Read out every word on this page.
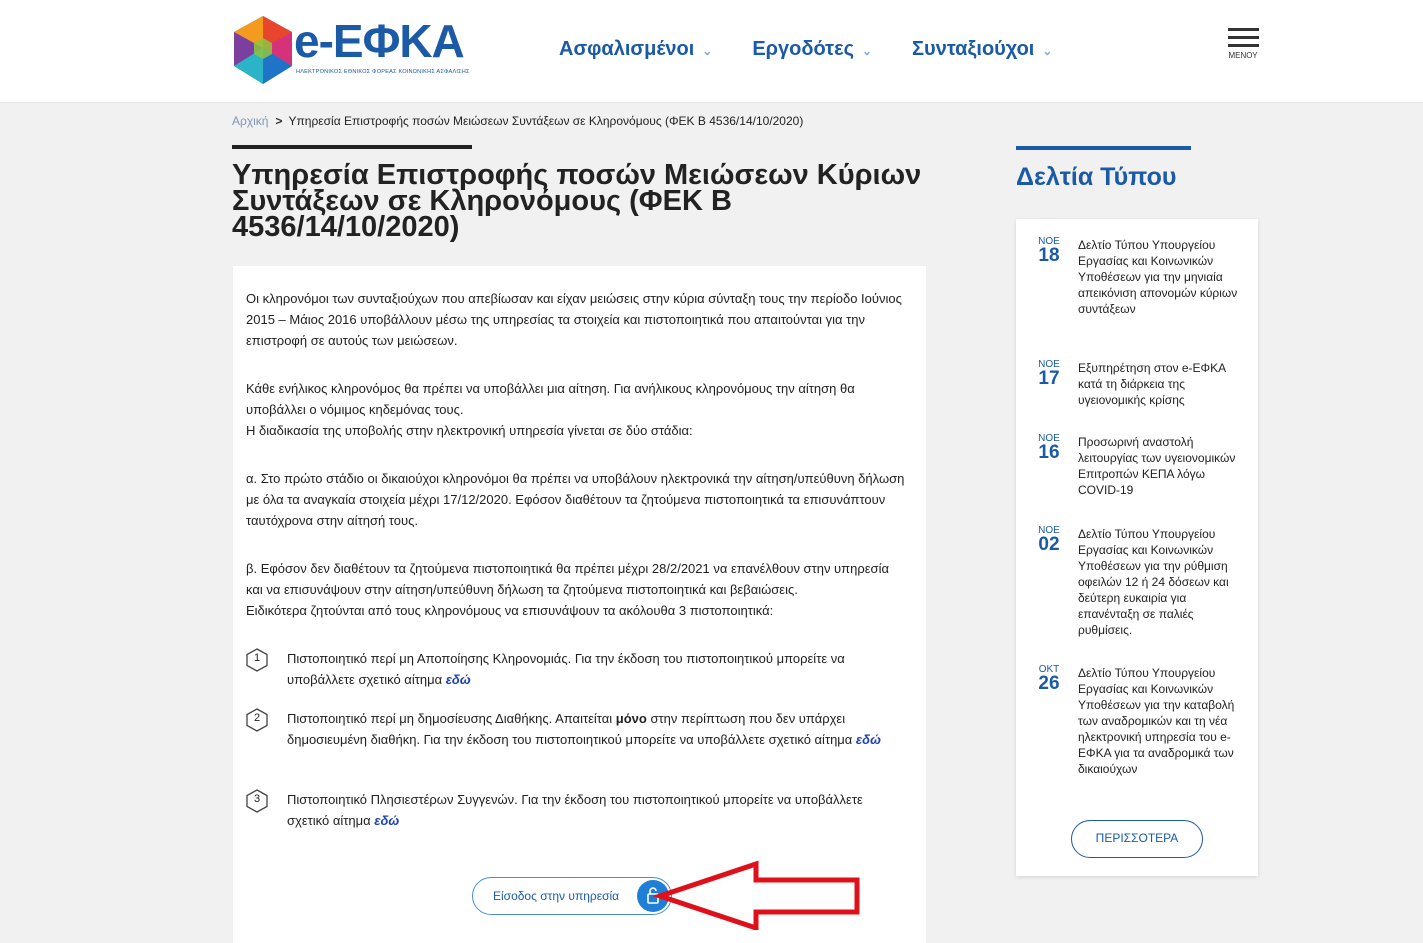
e-ΕΦΚΑ
ΗΛΕΚΤΡΟΝΙΚΟΣ ΕΘΝΙΚΟΣ ΦΟΡΕΑΣ ΚΟΙΝΩΝΙΚΗΣ ΑΣΦΑΛΙΣΗΣ
Ασφαλισμένοι ⌄ Εργοδότες ⌄ Συνταξιούχοι ⌄	ΜΕΝΟΥ
Αρχική > Υπηρεσία Επιστροφής ποσών Μειώσεων Συντάξεων σε Κληρονόμους (ΦΕΚ Β 4536/14/10/2020)
Υπηρεσία Επιστροφής ποσών Μειώσεων Κύριων Συντάξεων σε Κληρονόμους (ΦΕΚ Β 4536/14/10/2020)

Οι κληρονόμοι των συνταξιούχων που απεβίωσαν και είχαν μειώσεις στην κύρια σύνταξη τους την περίοδο Ιούνιος 2015 – Μάιος 2016 υποβάλλουν μέσω της υπηρεσίας τα στοιχεία και πιστοποιητικά που απαιτούνται για την επιστροφή σε αυτούς των μειώσεων.

Κάθε ενήλικος κληρονόμος θα πρέπει να υποβάλλει μια αίτηση. Για ανήλικους κληρονόμους την αίτηση θα υποβάλλει ο νόμιμος κηδεμόνας τους.

Η διαδικασία της υποβολής στην ηλεκτρονική υπηρεσία γίνεται σε δύο στάδια:

α. Στο πρώτο στάδιο οι δικαιούχοι κληρονόμοι θα πρέπει να υποβάλουν ηλεκτρονικά την αίτηση/υπεύθυνη δήλωση με όλα τα αναγκαία στοιχεία μέχρι 17/12/2020. Εφόσον διαθέτουν τα ζητούμενα πιστοποιητικά τα επισυνάπτουν ταυτόχρονα στην αίτησή τους.

β. Εφόσον δεν διαθέτουν τα ζητούμενα πιστοποιητικά θα πρέπει μέχρι 28/2/2021 να επανέλθουν στην υπηρεσία και να επισυνάψουν στην αίτηση/υπεύθυνη δήλωση τα ζητούμενα πιστοποιητικά και βεβαιώσεις.

Ειδικότερα ζητούνται από τους κληρονόμους να επισυνάψουν τα ακόλουθα 3 πιστοποιητικά:

1	Πιστοποιητικό περί μη Αποποίησης Κληρονομιάς. Για την έκδοση του πιστοποιητικού μπορείτε να υποβάλλετε σχετικό αίτημα εδώ

2	Πιστοποιητικό περί μη δημοσίευσης Διαθήκης. Απαιτείται μόνο στην περίπτωση που δεν υπάρχει δημοσιευμένη διαθήκη. Για την έκδοση του πιστοποιητικού μπορείτε να υποβάλλετε σχετικό αίτημα εδώ

3	Πιστοποιητικό Πλησιεστέρων Συγγενών. Για την έκδοση του πιστοποιητικού μπορείτε να υποβάλλετε σχετικό αίτημα εδώ

Είσοδος στην υπηρεσία
Δελτία Τύπου
ΝΟΕ
18 Δελτίο Τύπου Υπουργείου Εργασίας και Κοινωνικών Υποθέσεων για την μηνιαία απεικόνιση απονομών κύριων συντάξεων
ΝΟΕ
17 Εξυπηρέτηση στον e-ΕΦΚΑ κατά τη διάρκεια της υγειονομικής κρίσης
ΝΟΕ
16 Προσωρινή αναστολή λειτουργίας των υγειονομικών Επιτροπών ΚΕΠΑ λόγω COVID-19
ΝΟΕ
02 Δελτίο Τύπου Υπουργείου Εργασίας και Κοινωνικών Υποθέσεων για την ρύθμιση οφειλών 12 ή 24 δόσεων και δεύτερη ευκαιρία για επανένταξη σε παλιές ρυθμίσεις.
ΟΚΤ
26 Δελτίο Τύπου Υπουργείου Εργασίας και Κοινωνικών Υποθέσεων για την καταβολή των αναδρομικών και τη νέα ηλεκτρονική υπηρεσία του e-ΕΦΚΑ για τα αναδρομικά των δικαιούχων
ΠΕΡΙΣΣΟΤΕΡΑ
